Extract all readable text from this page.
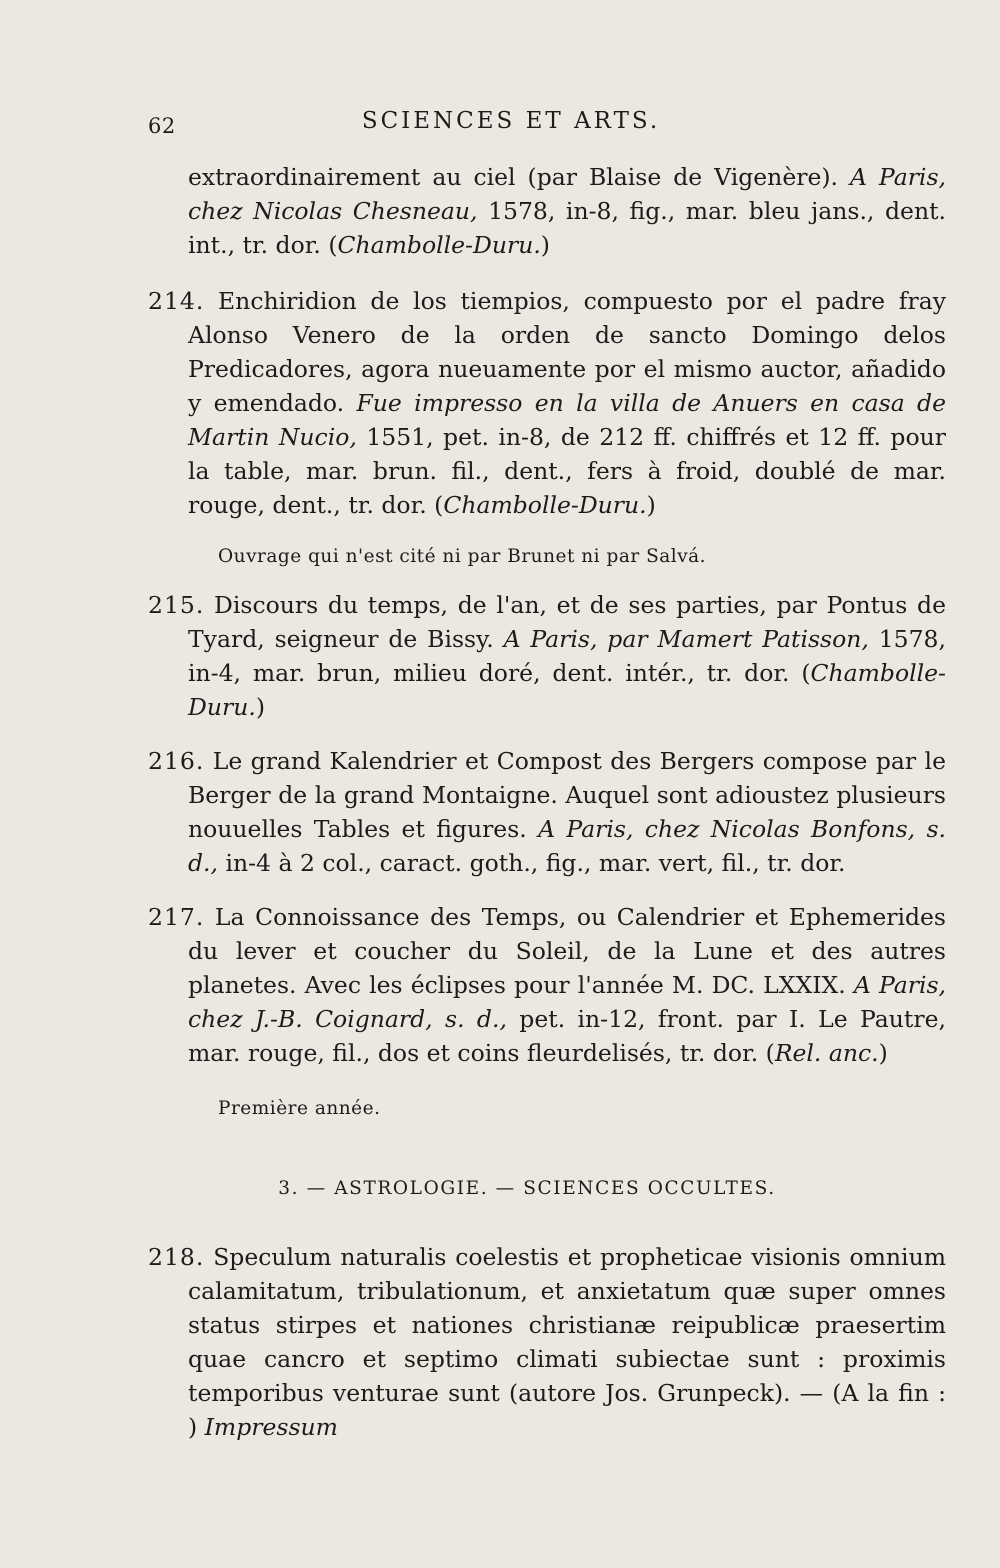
62	SCIENCES ET ARTS.
extraordinairement au ciel (par Blaise de Vigenère). A Paris, chez Nicolas Chesneau, 1578, in-8, fig., mar. bleu jans., dent. int., tr. dor. (Chambolle-Duru.)
214. Enchiridion de los tiempios, compuesto por el padre fray Alonso Venero de la orden de sancto Domingo delos Predicadores, agora nueuamente por el mismo auctor, añadido y emendado. Fue impresso en la villa de Anuers en casa de Martin Nucio, 1551, pet. in-8, de 212 ff. chiffrés et 12 ff. pour la table, mar. brun. fil., dent., fers à froid, doublé de mar. rouge, dent., tr. dor. (Chambolle-Duru.)
Ouvrage qui n'est cité ni par Brunet ni par Salvá.
215. Discours du temps, de l'an, et de ses parties, par Pontus de Tyard, seigneur de Bissy. A Paris, par Mamert Patisson, 1578, in-4, mar. brun, milieu doré, dent. intér., tr. dor. (Chambolle-Duru.)
216. Le grand Kalendrier et Compost des Bergers compose par le Berger de la grand Montaigne. Auquel sont adioustez plusieurs nouuelles Tables et figures. A Paris, chez Nicolas Bonfons, s. d., in-4 à 2 col., caract. goth., fig., mar. vert, fil., tr. dor.
217. La Connoissance des Temps, ou Calendrier et Ephemerides du lever et coucher du Soleil, de la Lune et des autres planetes. Avec les éclipses pour l'année M. DC. LXXIX. A Paris, chez J.-B. Coignard, s. d., pet. in-12, front. par I. Le Pautre, mar. rouge, fil., dos et coins fleurdelisés, tr. dor. (Rel. anc.)
Première année.
3. — ASTROLOGIE. — SCIENCES OCCULTES.
218. Speculum naturalis coelestis et propheticae visionis omnium calamitatum, tribulationum, et anxietatum quæ super omnes status stirpes et nationes christianæ reipublicæ praesertim quae cancro et septimo climati subiectae sunt : proximis temporibus venturae sunt (autore Jos. Grunpeck). — (A la fin : ) Impressum
